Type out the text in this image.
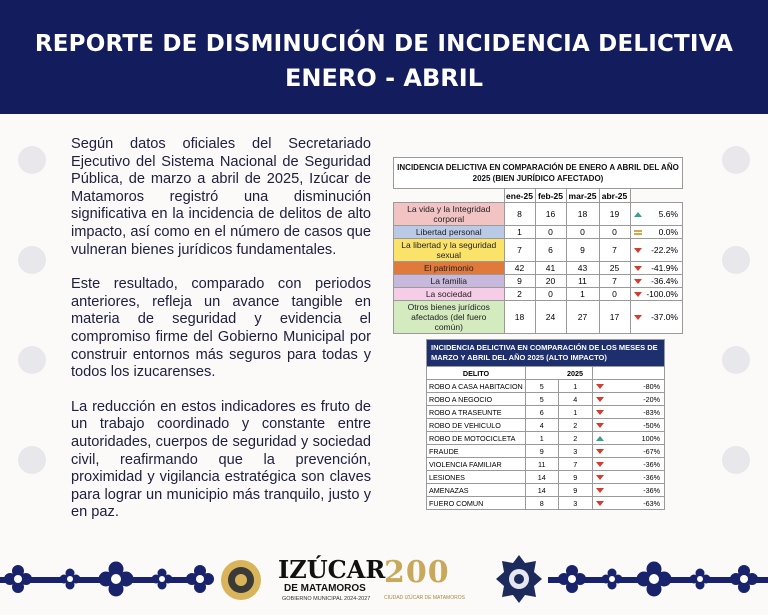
REPORTE DE DISMINUCIÓN DE INCIDENCIA DELICTIVA
ENERO - ABRIL

Según datos oficiales del Secretariado Ejecutivo del Sistema Nacional de Seguridad Pública, de marzo a abril de 2025, Izúcar de Matamoros registró una disminución significativa en la incidencia de delitos de alto impacto, así como en el número de casos que vulneran bienes jurídicos fundamentales.

Este resultado, comparado con periodos anteriores, refleja un avance tangible en materia de seguridad y evidencia el compromiso firme del Gobierno Municipal por construir entornos más seguros para todas y todos los izucarenses.

La reducción en estos indicadores es fruto de un trabajo coordinado y constante entre autoridades, cuerpos de seguridad y sociedad civil, reafirmando que la prevención, proximidad y vigilancia estratégica son claves para lograr un municipio más tranquilo, justo y en paz.

INCIDENCIA DELICTIVA EN COMPARACIÓN DE ENERO A ABRIL DEL AÑO 2025 (BIEN JURÍDICO AFECTADO)					
	ene-25	feb-25	mar-25	abr-25	
La vida y la Integridad corporal	8	16	18	19	5.6%

Libertad personal	1	0	0	0	0.0%

La libertad y la seguridad sexual	7	6	9	7	-22.2%

El patrimonio	42	41	43	25	-41.9%

La familia	9	20	11	7	-36.4%

La sociedad	2	0	1	0	-100.0%

Otros bienes jurídicos afectados (del fuero común)	18	24	27	17	-37.0%
INCIDENCIA DELICTIVA EN COMPARACIÓN DE LOS MESES DE MARZO Y ABRIL DEL AÑO 2025 (ALTO IMPACTO)				
DELITO		2025		
ROBO A CASA HABITACION	5	1		-80%
ROBO A NEGOCIO	5	4		-20%
ROBO A TRASEUNTE	6	1		-83%
ROBO DE VEHICULO	4	2		-50%
ROBO DE MOTOCICLETA	1	2		100%
FRAUDE	9	3		-67%
VIOLENCIA FAMILIAR	11	7		-36%
LESIONES	14	9		-36%
AMENAZAS	14	9		-36%
FUERO COMUN	8	3		-63%
IZÚCAR
DE MATAMOROS
GOBIERNO MUNICIPAL 2024-2027
200
CIUDAD IZÚCAR DE MATAMOROS
